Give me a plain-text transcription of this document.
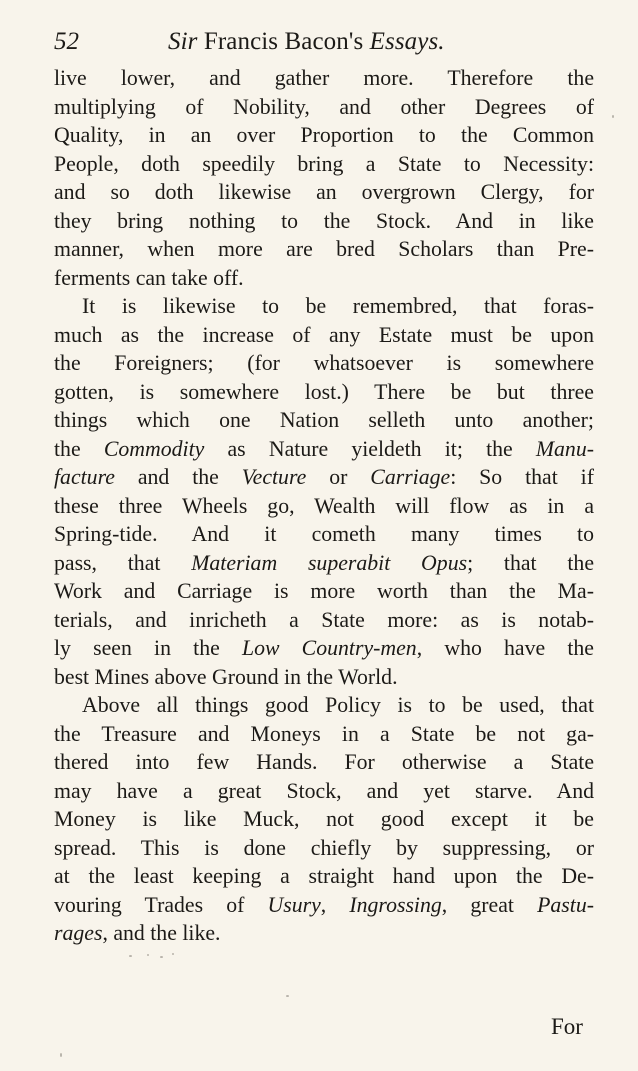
52	Sir Francis Bacon's Essays.
live lower, and gather more. Therefore the
multiplying of Nobility, and other Degrees of
Quality, in an over Proportion to the Common
People, doth speedily bring a State to Necessity:
and so doth likewise an overgrown Clergy, for
they bring nothing to the Stock. And in like
manner, when more are bred Scholars than Pre-
ferments can take off.
It is likewise to be remembred, that foras-
much as the increase of any Estate must be upon
the Foreigners; (for whatsoever is somewhere
gotten, is somewhere lost.) There be but three
things which one Nation selleth unto another;
the Commodity as Nature yieldeth it; the Manu-
facture and the Vecture or Carriage: So that if
these three Wheels go, Wealth will flow as in a
Spring-tide. And it cometh many times to
pass, that Materiam superabit Opus; that the
Work and Carriage is more worth than the Ma-
terials, and inricheth a State more: as is notab-
ly seen in the Low Country-men, who have the
best Mines above Ground in the World.
Above all things good Policy is to be used, that
the Treasure and Moneys in a State be not ga-
thered into few Hands. For otherwise a State
may have a great Stock, and yet starve. And
Money is like Muck, not good except it be
spread. This is done chiefly by suppressing, or
at the least keeping a straight hand upon the De-
vouring Trades of Usury, Ingrossing, great Pastu-
rages, and the like.
For
